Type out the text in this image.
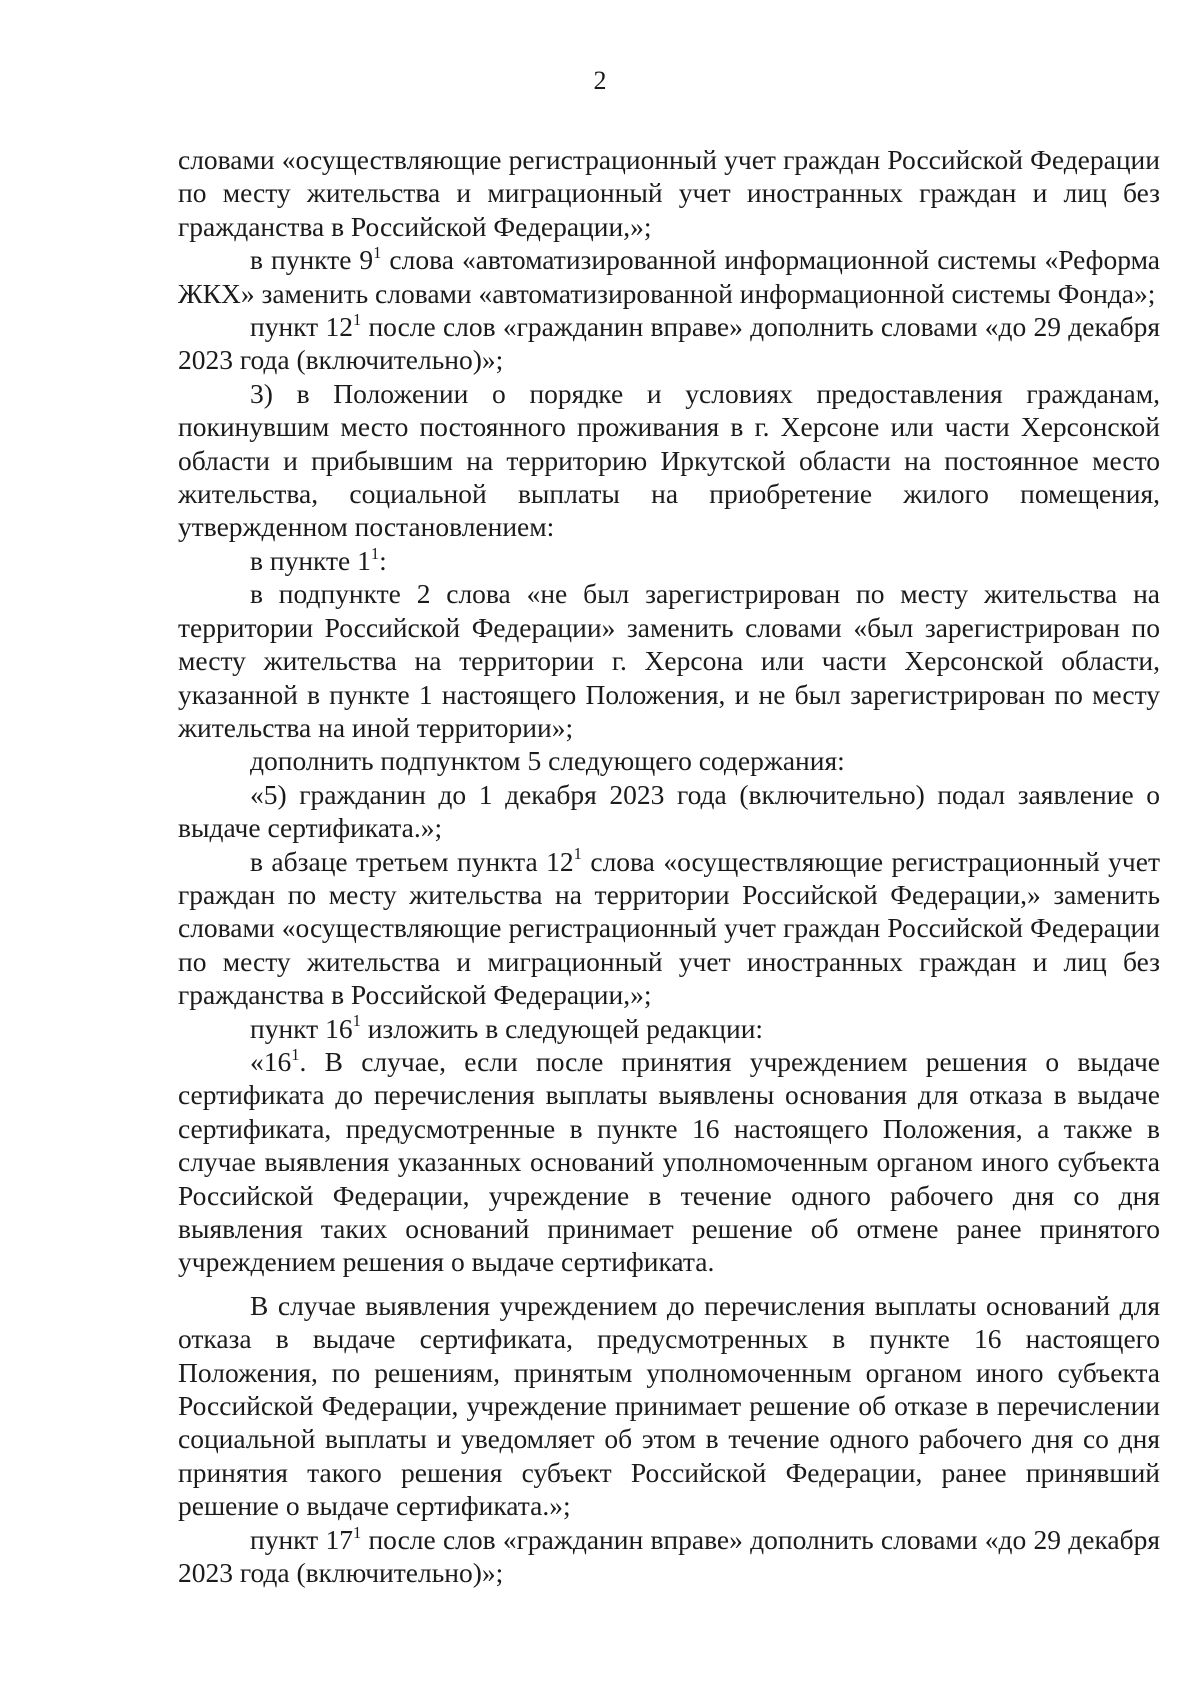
2

словами «осуществляющие регистрационный учет граждан Российской Федерации по месту жительства и миграционный учет иностранных граждан и лиц без гражданства в Российской Федерации,»;

в пункте $9^1$ слова «автоматизированной информационной системы «Реформа ЖКХ» заменить словами «автоматизированной информационной системы Фонда»;

пункт $12^1$ после слов «гражданин вправе» дополнить словами «до 29 декабря 2023 года (включительно)»;

3) в Положении о порядке и условиях предоставления гражданам, покинувшим место постоянного проживания в г. Херсоне или части Херсонской области и прибывшим на территорию Иркутской области на постоянное место жительства, социальной выплаты на приобретение жилого помещения, утвержденном постановлением:

в пункте $1^1$:

в подпункте 2 слова «не был зарегистрирован по месту жительства на территории Российской Федерации» заменить словами «был зарегистрирован по месту жительства на территории г. Херсона или части Херсонской области, указанной в пункте 1 настоящего Положения, и не был зарегистрирован по месту жительства на иной территории»;

дополнить подпунктом 5 следующего содержания:

«5) гражданин до 1 декабря 2023 года (включительно) подал заявление о выдаче сертификата.»;

в абзаце третьем пункта $12^1$ слова «осуществляющие регистрационный учет граждан по месту жительства на территории Российской Федерации,» заменить словами «осуществляющие регистрационный учет граждан Российской Федерации по месту жительства и миграционный учет иностранных граждан и лиц без гражданства в Российской Федерации,»;

пункт $16^1$ изложить в следующей редакции:

«$16^1$. В случае, если после принятия учреждением решения о выдаче сертификата до перечисления выплаты выявлены основания для отказа в выдаче сертификата, предусмотренные в пункте 16 настоящего Положения, а также в случае выявления указанных оснований уполномоченным органом иного субъекта Российской Федерации, учреждение в течение одного рабочего дня со дня выявления таких оснований принимает решение об отмене ранее принятого учреждением решения о выдаче сертификата.

В случае выявления учреждением до перечисления выплаты оснований для отказа в выдаче сертификата, предусмотренных в пункте 16 настоящего Положения, по решениям, принятым уполномоченным органом иного субъекта Российской Федерации, учреждение принимает решение об отказе в перечислении социальной выплаты и уведомляет об этом в течение одного рабочего дня со дня принятия такого решения субъект Российской Федерации, ранее принявший решение о выдаче сертификата.»;

пункт $17^1$ после слов «гражданин вправе» дополнить словами «до 29 декабря 2023 года (включительно)»;
